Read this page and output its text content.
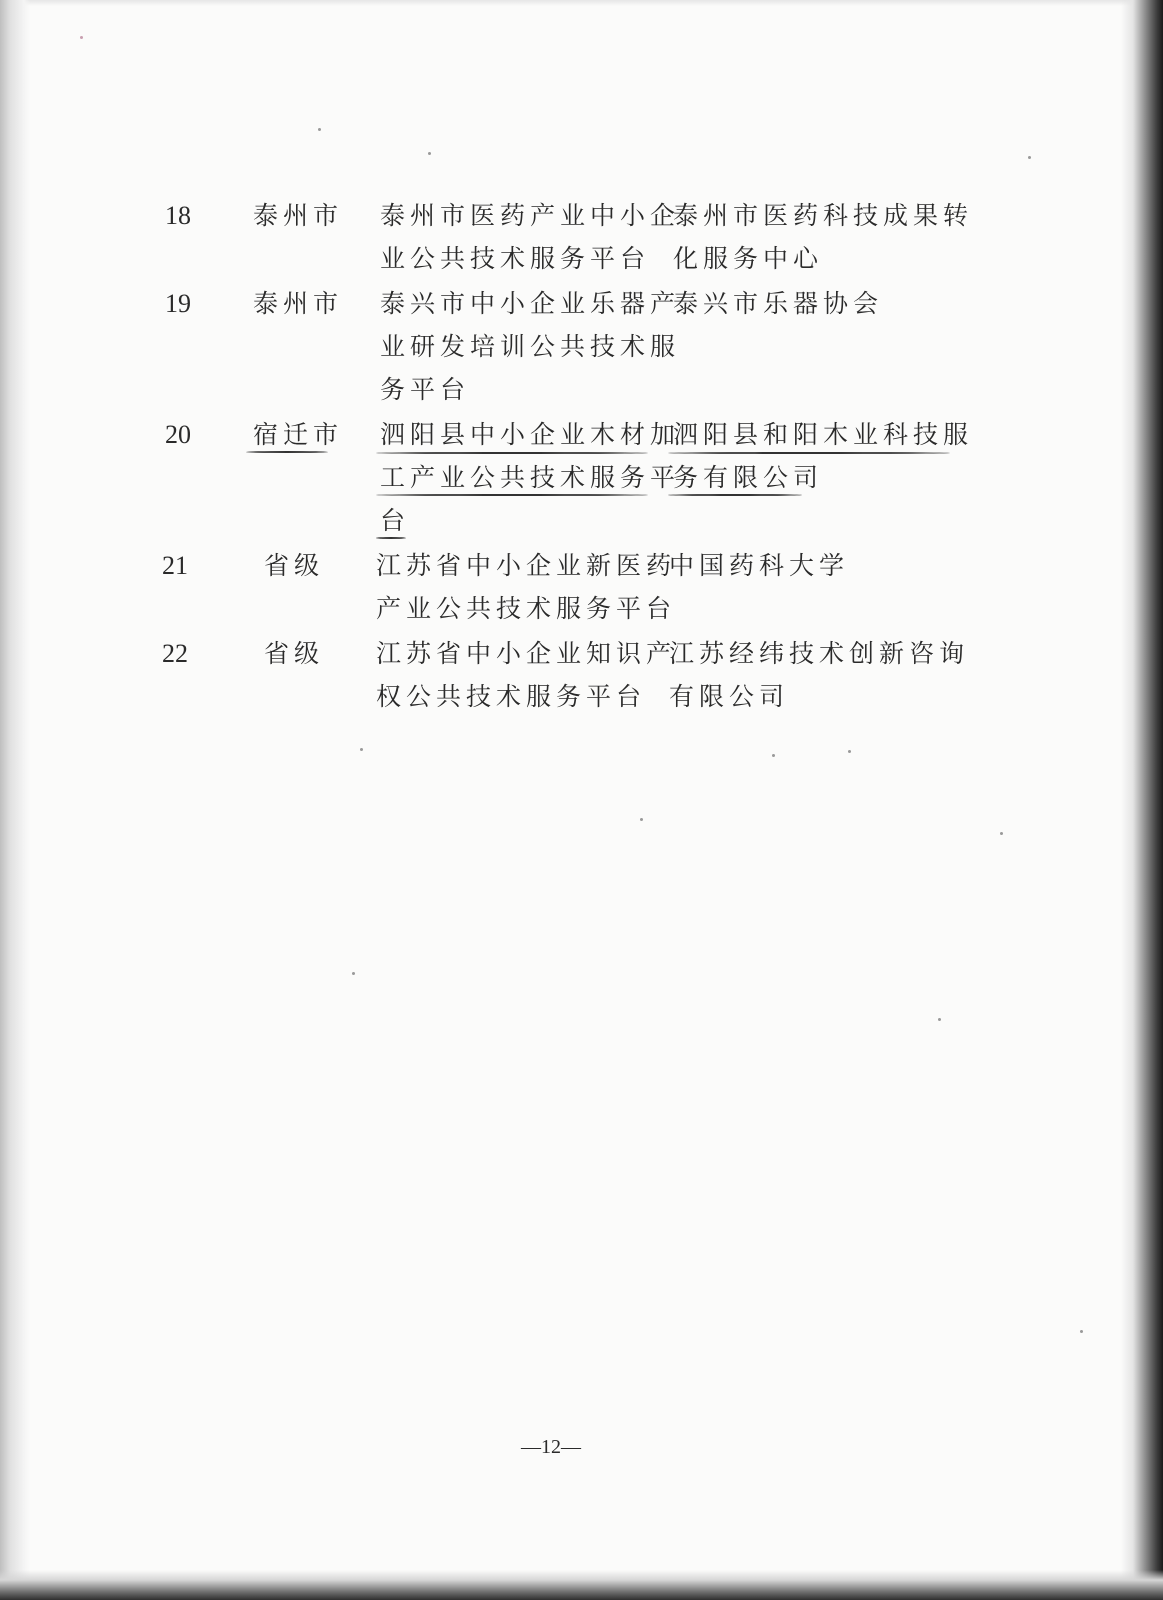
18 泰州市 泰州市医药产业中小企
业公共技术服务平台
泰州市医药科技成果转
化服务中心
19 泰州市 泰兴市中小企业乐器产
业研发培训公共技术服
务平台
泰兴市乐器协会
20 宿迁市 泗阳县中小企业木材加
工产业公共技术服务平
台
泗阳县和阳木业科技服
务有限公司
21	省级 江苏省中小企业新医药
产业公共技术服务平台
中国药科大学
22	省级 江苏省中小企业知识产
权公共技术服务平台
江苏经纬技术创新咨询
有限公司
—12—
